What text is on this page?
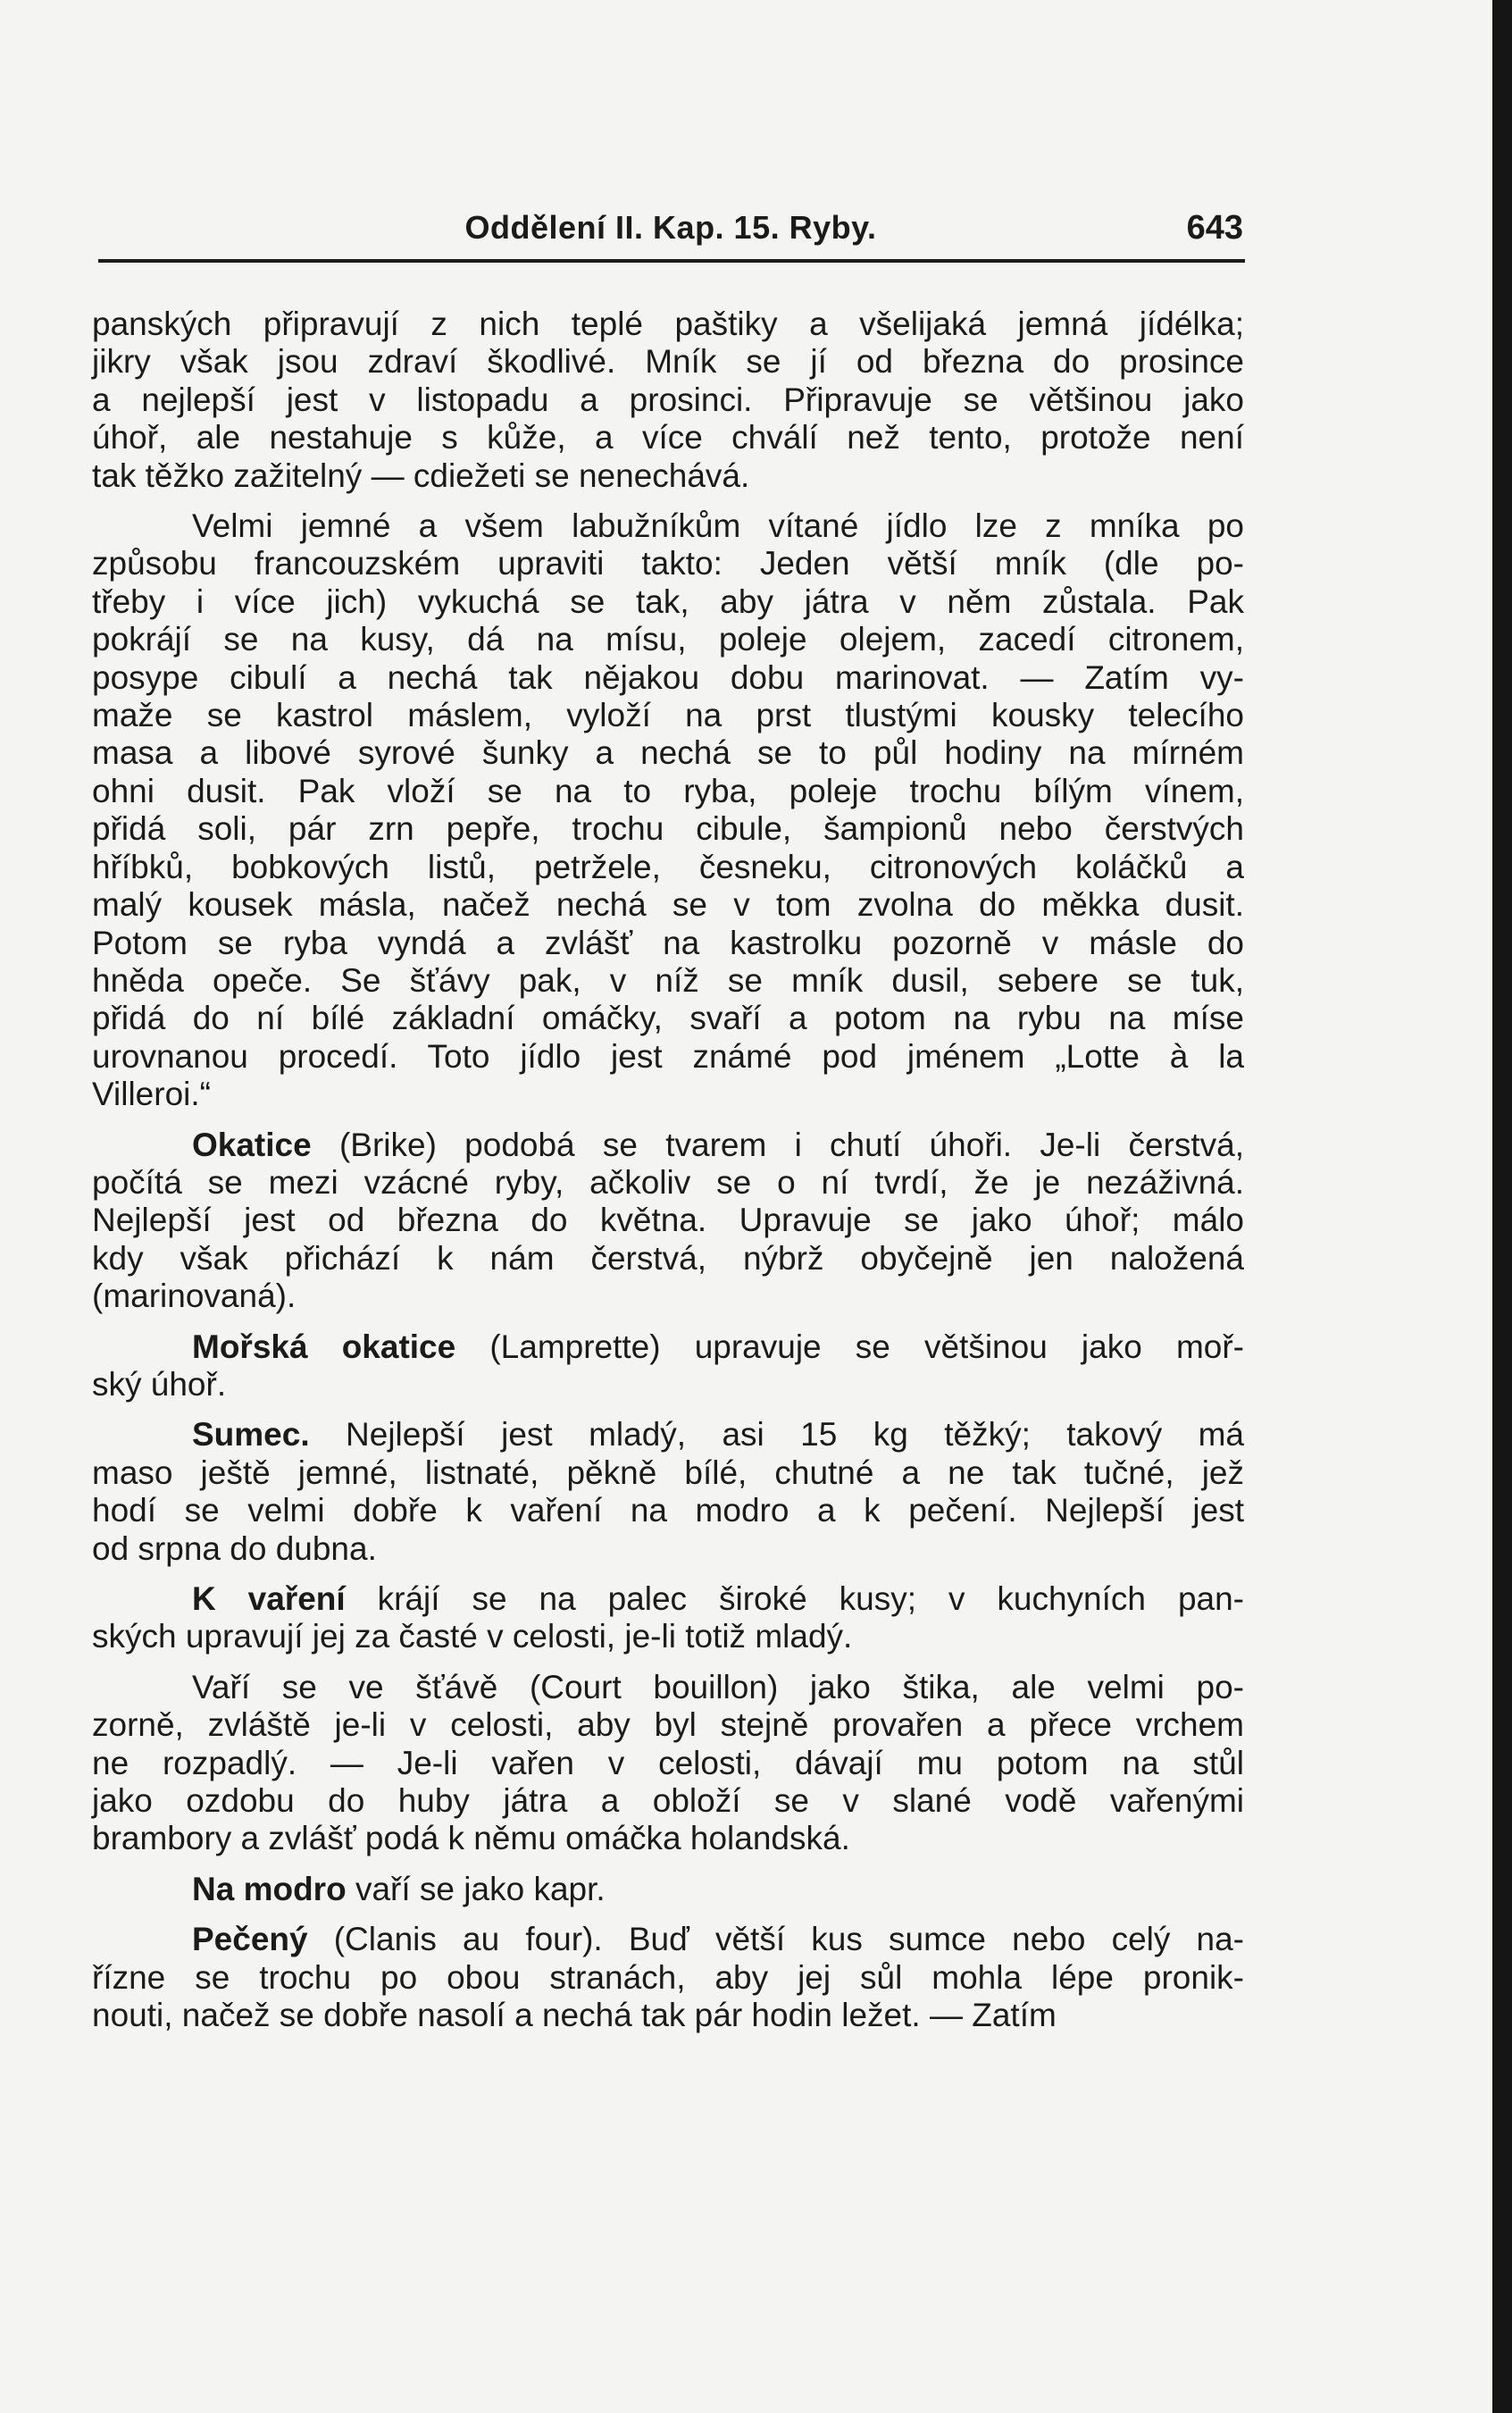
Oddělení II. Kap. 15. Ryby.	643
panských připravují z nich teplé paštiky a všelijaká jemná jídélka;
jikry však jsou zdraví škodlivé. Mník se jí od března do prosince
a nejlepší jest v listopadu a prosinci. Připravuje se většinou jako
úhoř, ale nestahuje s kůže, a více chválí než tento, protože není
tak těžko zažitelný — cdiežeti se nenechává.
Velmi jemné a všem labužníkům vítané jídlo lze z mníka po
způsobu francouzském upraviti takto: Jeden větší mník (dle po-
třeby i více jich) vykuchá se tak, aby játra v něm zůstala. Pak
pokrájí se na kusy, dá na mísu, poleje olejem, zacedí citronem,
posype cibulí a nechá tak nějakou dobu marinovat. — Zatím vy-
maže se kastrol máslem, vyloží na prst tlustými kousky telecího
masa a libové syrové šunky a nechá se to půl hodiny na mírném
ohni dusit. Pak vloží se na to ryba, poleje trochu bílým vínem,
přidá soli, pár zrn pepře, trochu cibule, šampionů nebo čerstvých
hříbků, bobkových listů, petržele, česneku, citronových koláčků a
malý kousek másla, načež nechá se v tom zvolna do měkka dusit.
Potom se ryba vyndá a zvlášť na kastrolku pozorně v másle do
hněda opeče. Se šťávy pak, v níž se mník dusil, sebere se tuk,
přidá do ní bílé základní omáčky, svaří a potom na rybu na míse
urovnanou procedí. Toto jídlo jest známé pod jménem „Lotte à la
Villeroi.“
Okatice (Brike) podobá se tvarem i chutí úhoři. Je-li čerstvá,
počítá se mezi vzácné ryby, ačkoliv se o ní tvrdí, že je nezáživná.
Nejlepší jest od března do května. Upravuje se jako úhoř; málo
kdy však přichází k nám čerstvá, nýbrž obyčejně jen naložená
(marinovaná).
Mořská okatice (Lamprette) upravuje se většinou jako moř-
ský úhoř.
Sumec. Nejlepší jest mladý, asi 15 kg těžký; takový má
maso ještě jemné, listnaté, pěkně bílé, chutné a ne tak tučné, jež
hodí se velmi dobře k vaření na modro a k pečení. Nejlepší jest
od srpna do dubna.
K vaření krájí se na palec široké kusy; v kuchyních pan-
ských upravují jej za časté v celosti, je-li totiž mladý.
Vaří se ve šťávě (Court bouillon) jako štika, ale velmi po-
zorně, zvláště je-li v celosti, aby byl stejně provařen a přece vrchem
ne rozpadlý. — Je-li vařen v celosti, dávají mu potom na stůl
jako ozdobu do huby játra a obloží se v slané vodě vařenými
brambory a zvlášť podá k němu omáčka holandská.
Na modro vaří se jako kapr.
Pečený (Clanis au four). Buď větší kus sumce nebo celý na-
řízne se trochu po obou stranách, aby jej sůl mohla lépe pronik-
nouti, načež se dobře nasolí a nechá tak pár hodin ležet. — Zatím
